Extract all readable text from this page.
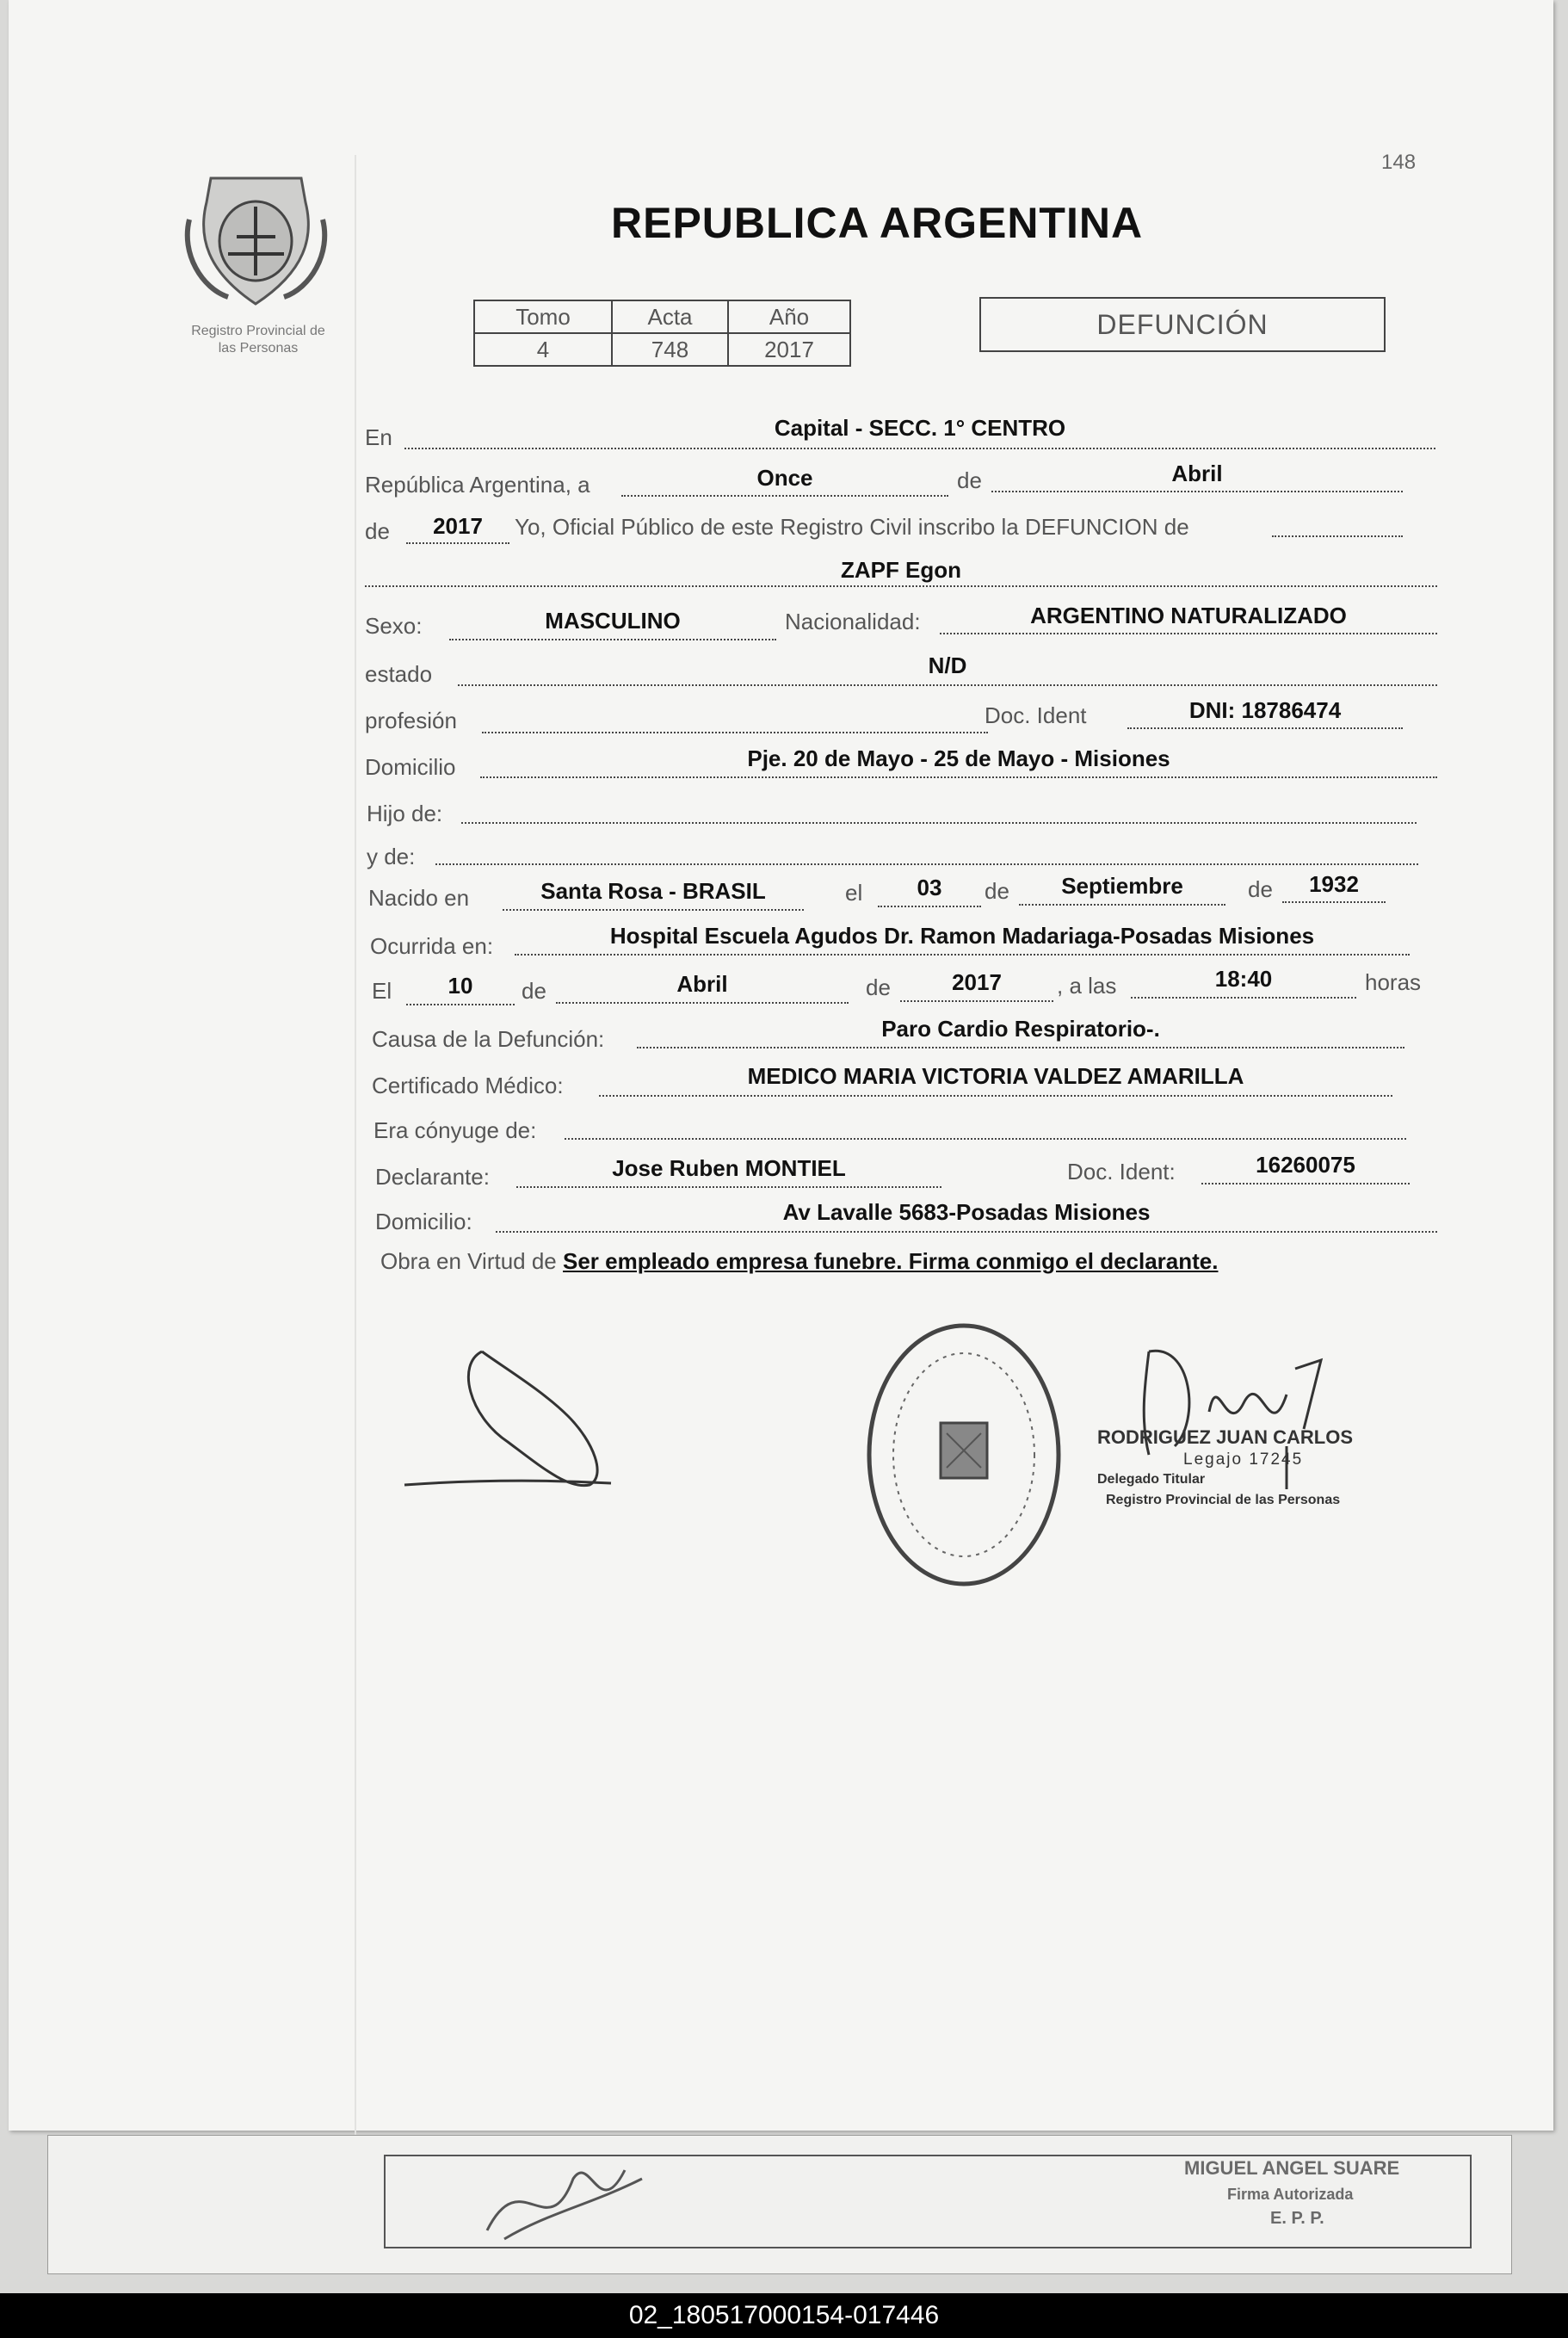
MIGUEL ANGEL SUARE
Firma Autorizada
E. P. P.
148
Registro Provincial de
las Personas
REPUBLICA ARGENTINA
Tomo	Acta	Año
4	748	2017
DEFUNCIÓN
En	Capital - SECC. 1° CENTRO
República Argentina, a	Once	de	Abril
de	2017	Yo, Oficial Público de este Registro Civil inscribo la DEFUNCION de
ZAPF Egon
Sexo:	MASCULINO	Nacionalidad:	ARGENTINO NATURALIZADO
estado	N/D
profesión	Doc. Ident	DNI: 18786474
Domicilio	Pje. 20 de Mayo - 25 de Mayo - Misiones
Hijo de:
y de:
Nacido en	Santa Rosa - BRASIL	el	03	de	Septiembre	de	1932
Ocurrida en:	Hospital Escuela Agudos Dr. Ramon Madariaga-Posadas Misiones
El	10	de	Abril	de	2017	, a las	18:40	horas
Causa de la Defunción:	Paro Cardio Respiratorio-.
Certificado Médico:	MEDICO MARIA VICTORIA VALDEZ AMARILLA
Era cónyuge de:
Declarante:	Jose Ruben MONTIEL	Doc. Ident:	16260075
Domicilio:	Av Lavalle 5683-Posadas Misiones
Obra en Virtud de Ser empleado empresa funebre. Firma conmigo el declarante.
RODRIGUEZ JUAN CARLOS
Legajo 17245
Delegado Titular
Registro Provincial de las Personas
02_180517000154-017446
